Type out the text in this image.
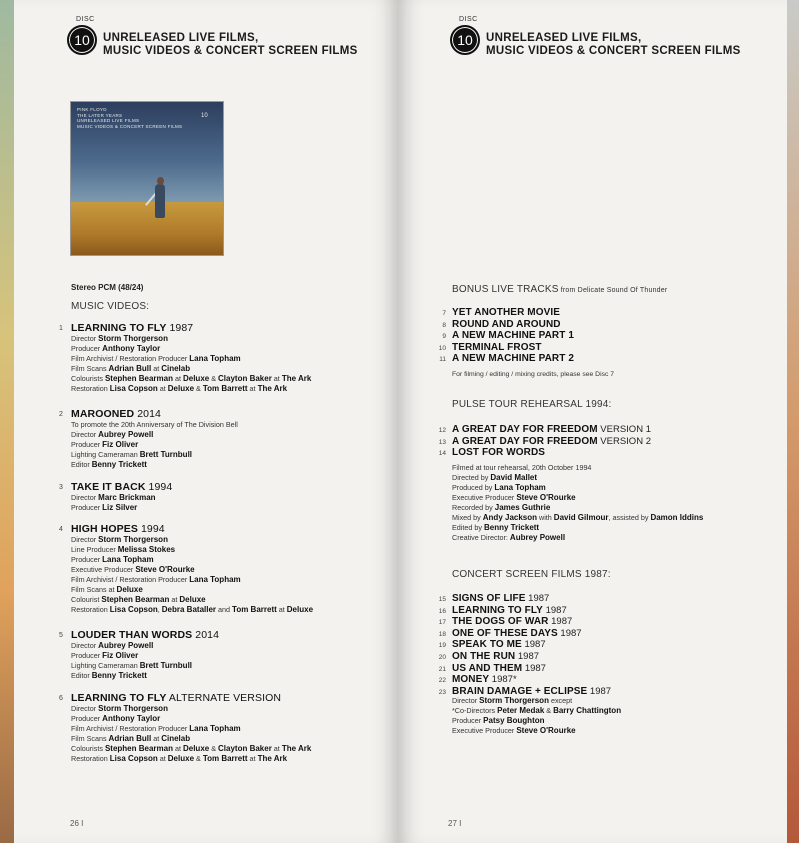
DISC
10	UNRELEASED LIVE FILMS,
MUSIC VIDEOS & CONCERT SCREEN FILMS
PINK FLOYD
THE LATER YEARS
UNRELEASED LIVE FILMS
MUSIC VIDEOS & CONCERT SCREEN FILMS
10
Stereo PCM (48/24)
MUSIC VIDEOS:
1 LEARNING TO FLY 1987
Director Storm Thorgerson
Producer Anthony Taylor
Film Archivist / Restoration Producer Lana Topham
Film Scans Adrian Bull at Cinelab
Colourists Stephen Bearman at Deluxe & Clayton Baker at The Ark
Restoration Lisa Copson at Deluxe & Tom Barrett at The Ark
2 MAROONED 2014
To promote the 20th Anniversary of The Division Bell
Director Aubrey Powell
Producer Fiz Oliver
Lighting Cameraman Brett Turnbull
Editor Benny Trickett
3 TAKE IT BACK 1994
Director Marc Brickman
Producer Liz Silver
4 HIGH HOPES 1994
Director Storm Thorgerson
Line Producer Melissa Stokes
Producer Lana Topham
Executive Producer Steve O'Rourke
Film Archivist / Restoration Producer Lana Topham
Film Scans at Deluxe
Colourist Stephen Bearman at Deluxe
Restoration Lisa Copson, Debra Bataller and Tom Barrett at Deluxe
5 LOUDER THAN WORDS 2014
Director Aubrey Powell
Producer Fiz Oliver
Lighting Cameraman Brett Turnbull
Editor Benny Trickett
6 LEARNING TO FLY ALTERNATE VERSION
Director Storm Thorgerson
Producer Anthony Taylor
Film Archivist / Restoration Producer Lana Topham
Film Scans Adrian Bull at Cinelab
Colourists Stephen Bearman at Deluxe & Clayton Baker at The Ark
Restoration Lisa Copson at Deluxe & Tom Barrett at The Ark
26 I
DISC
10	UNRELEASED LIVE FILMS,
MUSIC VIDEOS & CONCERT SCREEN FILMS
BONUS LIVE TRACKS from Delicate Sound Of Thunder
7 YET ANOTHER MOVIE
8 ROUND AND AROUND
9 A NEW MACHINE PART 1
10 TERMINAL FROST
11 A NEW MACHINE PART 2
For filming / editing / mixing credits, please see Disc 7
PULSE TOUR REHEARSAL 1994:
12 A GREAT DAY FOR FREEDOM VERSION 1
13 A GREAT DAY FOR FREEDOM VERSION 2
14 LOST FOR WORDS
Filmed at tour rehearsal, 20th October 1994
Directed by David Mallet
Produced by Lana Topham
Executive Producer Steve O'Rourke
Recorded by James Guthrie
Mixed by Andy Jackson with David Gilmour, assisted by Damon Iddins
Edited by Benny Trickett
Creative Director: Aubrey Powell
CONCERT SCREEN FILMS 1987:
15 SIGNS OF LIFE 1987
16 LEARNING TO FLY 1987
17 THE DOGS OF WAR 1987
18 ONE OF THESE DAYS 1987
19 SPEAK TO ME 1987
20 ON THE RUN 1987
21 US AND THEM 1987
22 MONEY 1987*
23 BRAIN DAMAGE + ECLIPSE 1987
Director Storm Thorgerson except
*Co-Directors Peter Medak & Barry Chattington
Producer Patsy Boughton
Executive Producer Steve O'Rourke
27 I
